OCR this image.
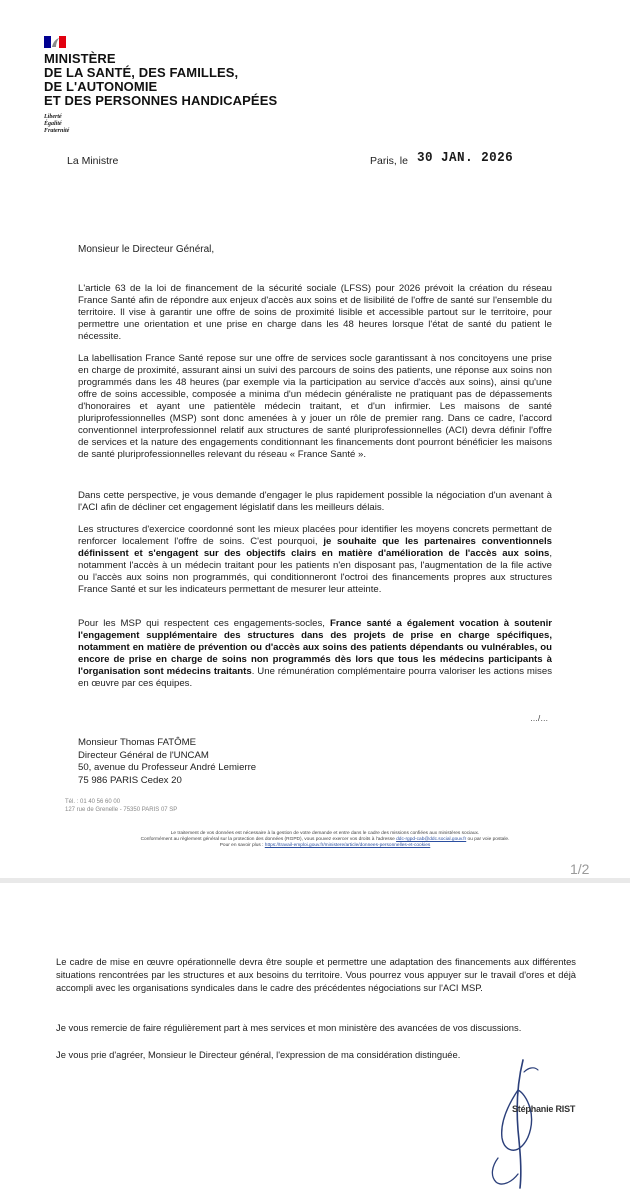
MINISTÈRE
DE LA SANTÉ, DES FAMILLES,
DE L'AUTONOMIE
ET DES PERSONNES HANDICAPÉES
Liberté
Égalité
Fraternité
La Ministre	Paris, le 30 JAN. 2026
Monsieur le Directeur Général,
L'article 63 de la loi de financement de la sécurité sociale (LFSS) pour 2026 prévoit la création du réseau France Santé afin de répondre aux enjeux d'accès aux soins et de lisibilité de l'offre de santé sur l'ensemble du territoire. Il vise à garantir une offre de soins de proximité lisible et accessible partout sur le territoire, pour permettre une orientation et une prise en charge dans les 48 heures lorsque l'état de santé du patient le nécessite.
La labellisation France Santé repose sur une offre de services socle garantissant à nos concitoyens une prise en charge de proximité, assurant ainsi un suivi des parcours de soins des patients, une réponse aux soins non programmés dans les 48 heures (par exemple via la participation au service d'accès aux soins), ainsi qu'une offre de soins accessible, composée a minima d'un médecin généraliste ne pratiquant pas de dépassements d'honoraires et ayant une patientèle médecin traitant, et d'un infirmier. Les maisons de santé pluriprofessionnelles (MSP) sont donc amenées à y jouer un rôle de premier rang. Dans ce cadre, l'accord conventionnel interprofessionnel relatif aux structures de santé pluriprofessionnelles (ACI) devra définir l'offre de services et la nature des engagements conditionnant les financements dont pourront bénéficier les maisons de santé pluriprofessionnelles relevant du réseau « France Santé ».
Dans cette perspective, je vous demande d'engager le plus rapidement possible la négociation d'un avenant à l'ACI afin de décliner cet engagement législatif dans les meilleurs délais.
Les structures d'exercice coordonné sont les mieux placées pour identifier les moyens concrets permettant de renforcer localement l'offre de soins. C'est pourquoi, je souhaite que les partenaires conventionnels définissent et s'engagent sur des objectifs clairs en matière d'amélioration de l'accès aux soins, notamment l'accès à un médecin traitant pour les patients n'en disposant pas, l'augmentation de la file active ou l'accès aux soins non programmés, qui conditionneront l'octroi des financements propres aux structures France Santé et sur les indicateurs permettant de mesurer leur atteinte.
Pour les MSP qui respectent ces engagements-socles, France santé a également vocation à soutenir l'engagement supplémentaire des structures dans des projets de prise en charge spécifiques, notamment en matière de prévention ou d'accès aux soins des patients dépendants ou vulnérables, ou encore de prise en charge de soins non programmés dès lors que tous les médecins participants à l'organisation sont médecins traitants. Une rémunération complémentaire pourra valoriser les actions mises en œuvre par ces équipes.
…/…
Monsieur Thomas FATÔME
Directeur Général de l'UNCAM
50, avenue du Professeur André Lemierre
75 986 PARIS Cedex 20
Tél. : 01 40 56 60 00
127 rue de Grenelle - 75350 PARIS 07 SP
Le traitement de vos données est nécessaire à la gestion de votre demande et entre dans le cadre des missions confiées aux ministères sociaux.
Conformément au règlement général sur la protection des données (RGPD), vous pouvez exercer vos droits à l'adresse ddc-rgpd-cab@ddc.social.gouv.fr ou par voie postale.
Pour en savoir plus : https://travail-emploi.gouv.fr/ministere/article/donnees-personnelles-et-cookies
1/2
Le cadre de mise en œuvre opérationnelle devra être souple et permettre une adaptation des financements aux différentes situations rencontrées par les structures et aux besoins du territoire. Vous pourrez vous appuyer sur le travail d'ores et déjà accompli avec les organisations syndicales dans le cadre des précédentes négociations sur l'ACI MSP.
Je vous remercie de faire régulièrement part à mes services et mon ministère des avancées de vos discussions.
Je vous prie d'agréer, Monsieur le Directeur général, l'expression de ma considération distinguée.
Stéphanie RIST
